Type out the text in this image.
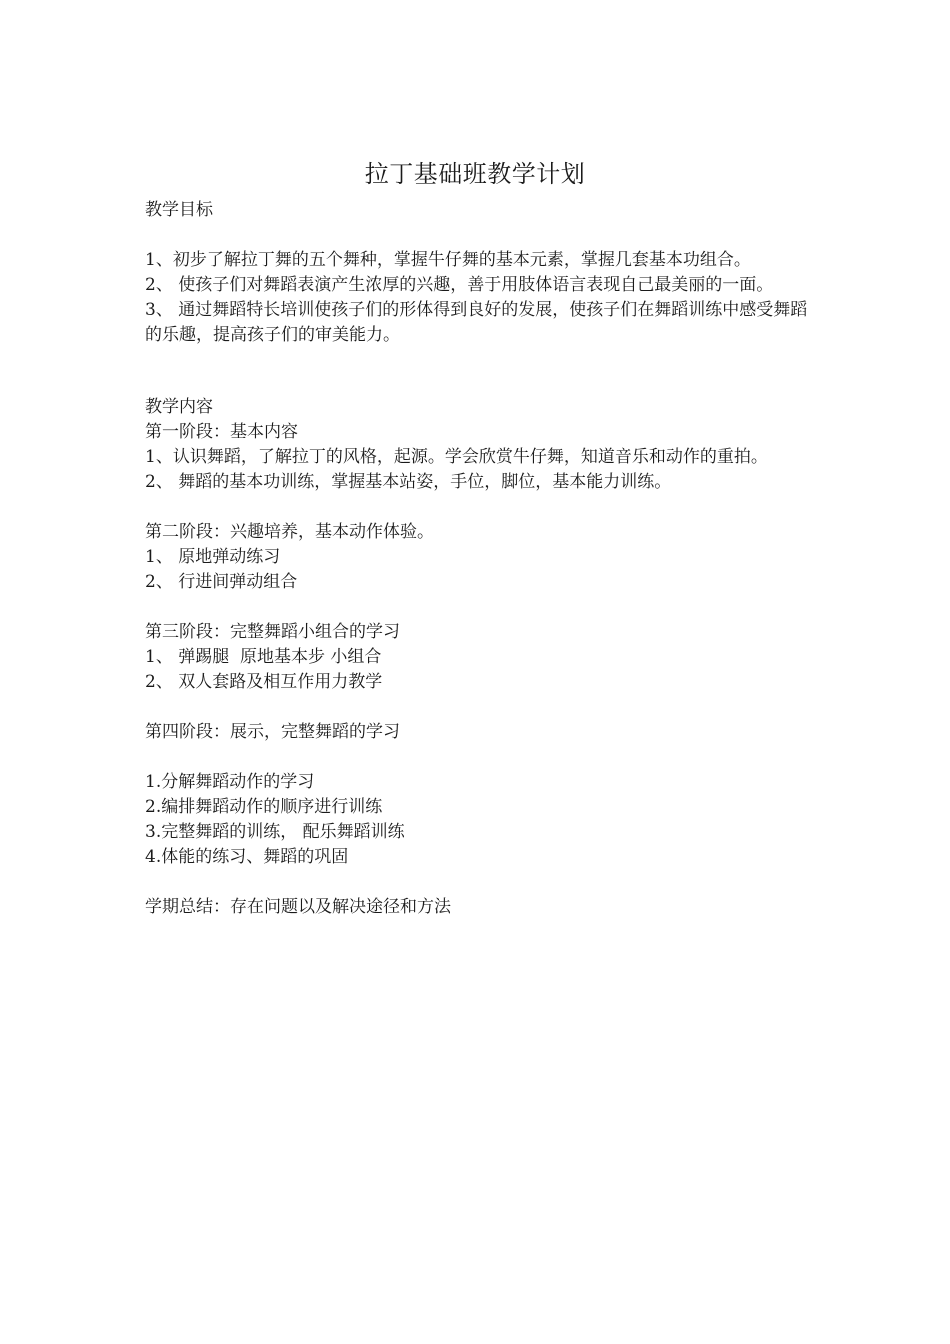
拉丁基础班教学计划

教学目标

1、初步了解拉丁舞的五个舞种，掌握牛仔舞的基本元素，掌握几套基本功组合。

2、 使孩子们对舞蹈表演产生浓厚的兴趣，善于用肢体语言表现自己最美丽的一面。

3、 通过舞蹈特长培训使孩子们的形体得到良好的发展，使孩子们在舞蹈训练中感受舞蹈的乐趣，提高孩子们的审美能力。

教学内容

第一阶段：基本内容

1、认识舞蹈，了解拉丁的风格，起源。学会欣赏牛仔舞，知道音乐和动作的重拍。

2、 舞蹈的基本功训练，掌握基本站姿，手位，脚位，基本能力训练。

第二阶段：兴趣培养，基本动作体验。

1、 原地弹动练习

2、 行进间弹动组合

第三阶段：完整舞蹈小组合的学习

1、 弹踢腿  原地基本步 小组合

2、 双人套路及相互作用力教学

第四阶段：展示，完整舞蹈的学习

1.分解舞蹈动作的学习

2.编排舞蹈动作的顺序进行训练

3.完整舞蹈的训练， 配乐舞蹈训练

4.体能的练习、舞蹈的巩固

学期总结：存在问题以及解决途径和方法
